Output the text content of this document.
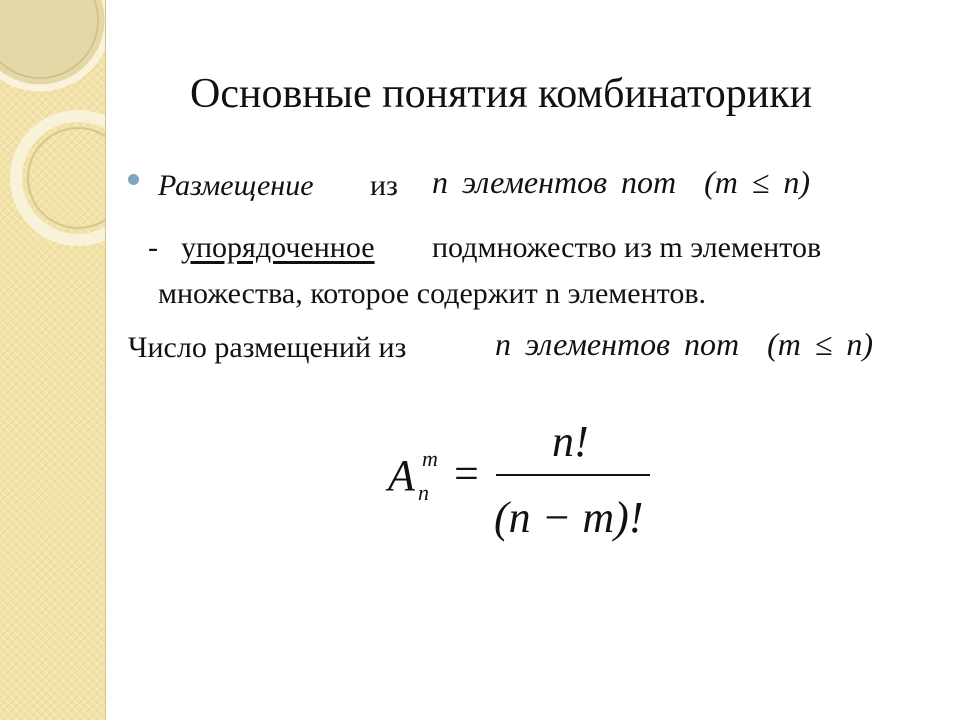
Основные понятия комбинаторики
Размещение из n элементов поm (m ≤ n)
- упорядоченное подмножество из m элементов
множества, которое содержит n элементов.
Число размещений из	n элементов поm (m ≤ n)
A m
n =
n!
(n − m)!
